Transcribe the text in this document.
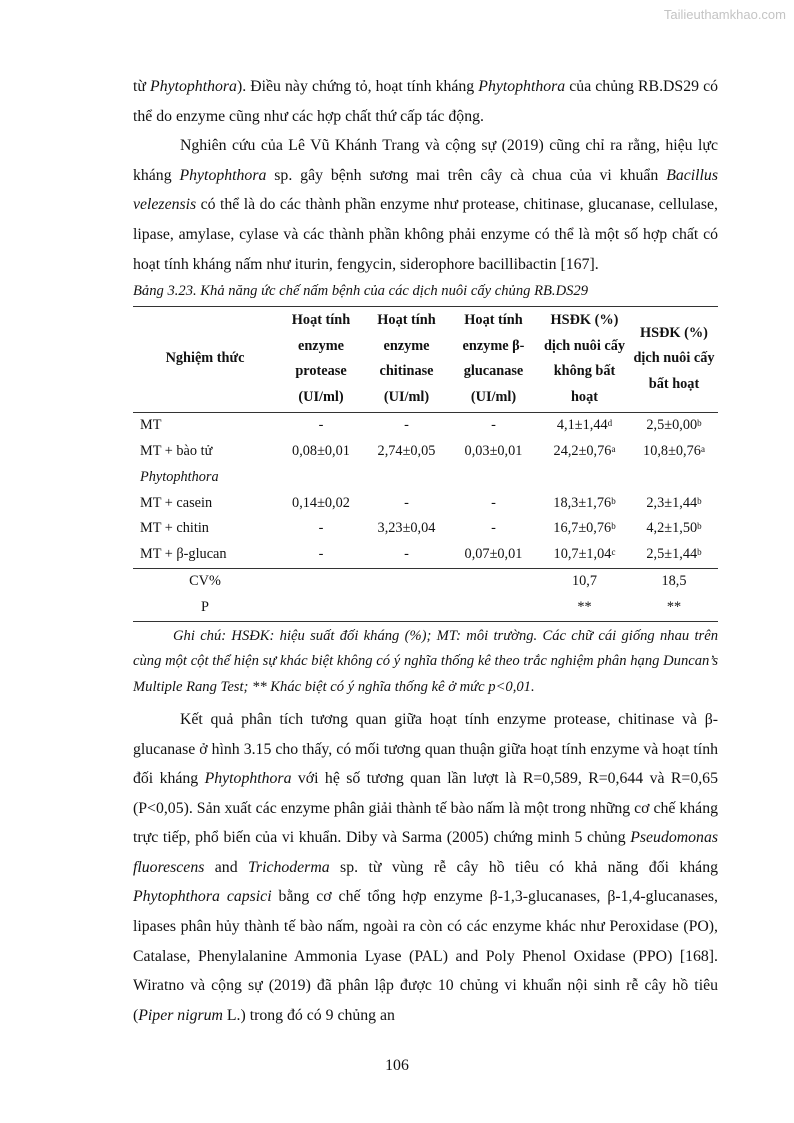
Tailieuthamkhao.com

từ Phytophthora). Điều này chứng tỏ, hoạt tính kháng Phytophthora của chủng RB.DS29 có thể do enzyme cũng như các hợp chất thứ cấp tác động.

Nghiên cứu của Lê Vũ Khánh Trang và cộng sự (2019) cũng chỉ ra rằng, hiệu lực kháng Phytophthora sp. gây bệnh sương mai trên cây cà chua của vi khuẩn Bacillus velezensis có thể là do các thành phần enzyme như protease, chitinase, glucanase, cellulase, lipase, amylase, cylase và các thành phần không phải enzyme có thể là một số hợp chất có hoạt tính kháng nấm như iturin, fengycin, siderophore bacillibactin [167].

Bảng 3.23. Khả năng ức chế nấm bệnh của các dịch nuôi cấy chủng RB.DS29
Nghiệm thức	Hoạt tính enzyme protease (UI/ml)	Hoạt tính enzyme chitinase (UI/ml)	Hoạt tính enzyme β-glucanase (UI/ml)	HSĐK (%) dịch nuôi cấy không bất hoạt	HSĐK (%) dịch nuôi cấy bất hoạt
MT	-	-	-	4,1±1,44$^d$	2,5±0,00$^b$
MT + bào tử
Phytophthora	0,08±0,01	2,74±0,05	0,03±0,01	24,2±0,76$^a$	10,8±0,76$^a$
MT + casein	0,14±0,02	-	-	18,3±1,76$^b$	2,3±1,44$^b$
MT + chitin	-	3,23±0,04	-	16,7±0,76$^b$	4,2±1,50$^b$
MT + β-glucan	-	-	0,07±0,01	10,7±1,04$^c$	2,5±1,44$^b$
CV%				10,7	18,5
P				**	**
Ghi chú: HSĐK: hiệu suất đối kháng (%); MT: môi trường. Các chữ cái giống nhau trên cùng một cột thể hiện sự khác biệt không có ý nghĩa thống kê theo trắc nghiệm phân hạng Duncan’s Multiple Rang Test; ** Khác biệt có ý nghĩa thống kê ở mức p<0,01.

Kết quả phân tích tương quan giữa hoạt tính enzyme protease, chitinase và β-glucanase ở hình 3.15 cho thấy, có mối tương quan thuận giữa hoạt tính enzyme và hoạt tính đối kháng Phytophthora với hệ số tương quan lần lượt là R=0,589, R=0,644 và R=0,65 (P<0,05). Sản xuất các enzyme phân giải thành tế bào nấm là một trong những cơ chế kháng trực tiếp, phổ biến của vi khuẩn. Diby và Sarma (2005) chứng minh 5 chủng Pseudomonas fluorescens and Trichoderma sp. từ vùng rễ cây hồ tiêu có khả năng đối kháng Phytophthora capsici bằng cơ chế tổng hợp enzyme β-1,3-glucanases, β-1,4-glucanases, lipases phân hủy thành tế bào nấm, ngoài ra còn có các enzyme khác như Peroxidase (PO), Catalase, Phenylalanine Ammonia Lyase (PAL) and Poly Phenol Oxidase (PPO) [168]. Wiratno và cộng sự (2019) đã phân lập được 10 chủng vi khuẩn nội sinh rễ cây hồ tiêu (Piper nigrum L.) trong đó có 9 chủng an

106
